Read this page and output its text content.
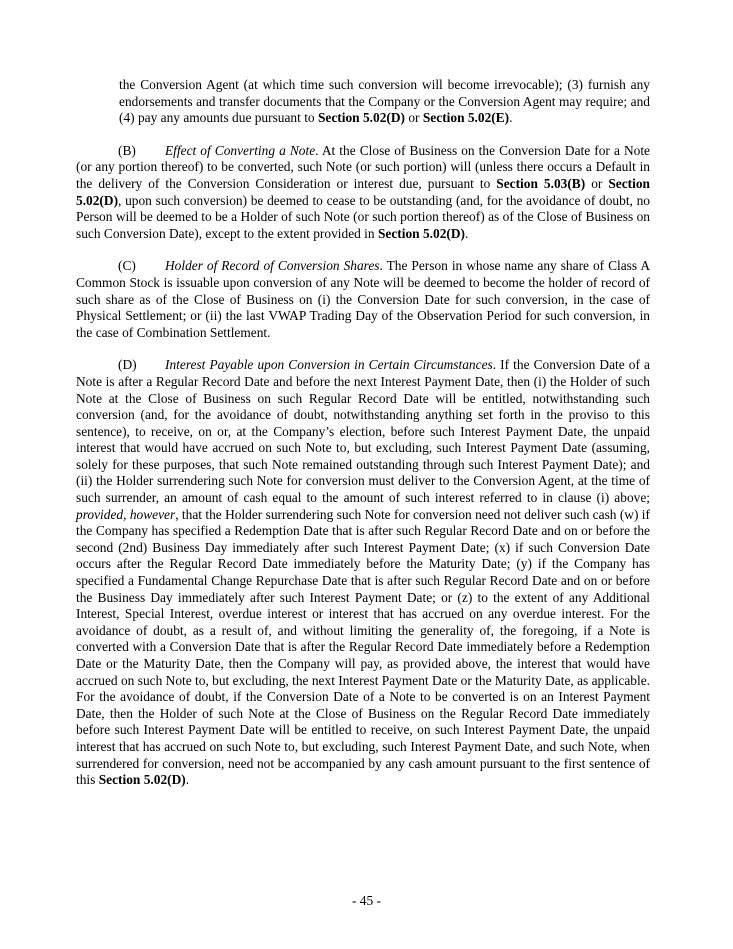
the Conversion Agent (at which time such conversion will become irrevocable); (3) furnish any endorsements and transfer documents that the Company or the Conversion Agent may require; and (4) pay any amounts due pursuant to Section 5.02(D) or Section 5.02(E).

(B) Effect of Converting a Note. At the Close of Business on the Conversion Date for a Note (or any portion thereof) to be converted, such Note (or such portion) will (unless there occurs a Default in the delivery of the Conversion Consideration or interest due, pursuant to Section 5.03(B) or Section 5.02(D), upon such conversion) be deemed to cease to be outstanding (and, for the avoidance of doubt, no Person will be deemed to be a Holder of such Note (or such portion thereof) as of the Close of Business on such Conversion Date), except to the extent provided in Section 5.02(D).

(C) Holder of Record of Conversion Shares. The Person in whose name any share of Class A Common Stock is issuable upon conversion of any Note will be deemed to become the holder of record of such share as of the Close of Business on (i) the Conversion Date for such conversion, in the case of Physical Settlement; or (ii) the last VWAP Trading Day of the Observation Period for such conversion, in the case of Combination Settlement.

(D) Interest Payable upon Conversion in Certain Circumstances. If the Conversion Date of a Note is after a Regular Record Date and before the next Interest Payment Date, then (i) the Holder of such Note at the Close of Business on such Regular Record Date will be entitled, notwithstanding such conversion (and, for the avoidance of doubt, notwithstanding anything set forth in the proviso to this sentence), to receive, on or, at the Company’s election, before such Interest Payment Date, the unpaid interest that would have accrued on such Note to, but excluding, such Interest Payment Date (assuming, solely for these purposes, that such Note remained outstanding through such Interest Payment Date); and (ii) the Holder surrendering such Note for conversion must deliver to the Conversion Agent, at the time of such surrender, an amount of cash equal to the amount of such interest referred to in clause (i) above; provided, however, that the Holder surrendering such Note for conversion need not deliver such cash (w) if the Company has specified a Redemption Date that is after such Regular Record Date and on or before the second (2nd) Business Day immediately after such Interest Payment Date; (x) if such Conversion Date occurs after the Regular Record Date immediately before the Maturity Date; (y) if the Company has specified a Fundamental Change Repurchase Date that is after such Regular Record Date and on or before the Business Day immediately after such Interest Payment Date; or (z) to the extent of any Additional Interest, Special Interest, overdue interest or interest that has accrued on any overdue interest. For the avoidance of doubt, as a result of, and without limiting the generality of, the foregoing, if a Note is converted with a Conversion Date that is after the Regular Record Date immediately before a Redemption Date or the Maturity Date, then the Company will pay, as provided above, the interest that would have accrued on such Note to, but excluding, the next Interest Payment Date or the Maturity Date, as applicable. For the avoidance of doubt, if the Conversion Date of a Note to be converted is on an Interest Payment Date, then the Holder of such Note at the Close of Business on the Regular Record Date immediately before such Interest Payment Date will be entitled to receive, on such Interest Payment Date, the unpaid interest that has accrued on such Note to, but excluding, such Interest Payment Date, and such Note, when surrendered for conversion, need not be accompanied by any cash amount pursuant to the first sentence of this Section 5.02(D).

- 45 -
